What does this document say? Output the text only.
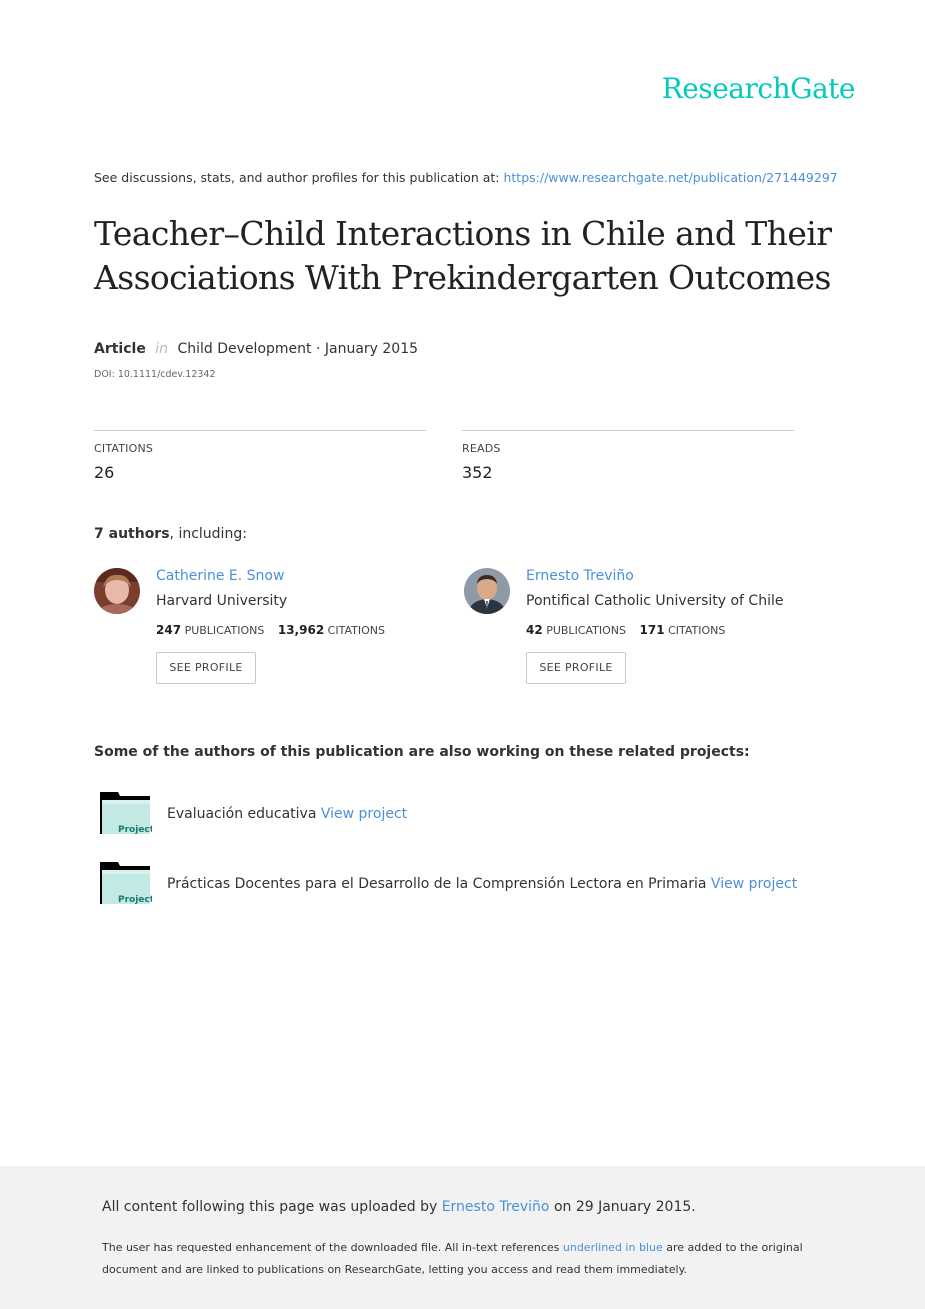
ResearchGate
See discussions, stats, and author profiles for this publication at: https://www.researchgate.net/publication/271449297
Teacher–Child Interactions in Chile and Their
Associations With Prekindergarten Outcomes
Article in Child Development · January 2015
DOI: 10.1111/cdev.12342
CITATIONS
26
READS
352
7 authors, including:
Catherine E. Snow
Harvard University
247 PUBLICATIONS 13,962 CITATIONS
SEE PROFILE
Ernesto Treviño
Pontifical Catholic University of Chile
42 PUBLICATIONS 171 CITATIONS
SEE PROFILE
Some of the authors of this publication are also working on these related projects:
Project
Evaluación educativa View project
Project
Prácticas Docentes para el Desarrollo de la Comprensión Lectora en Primaria View project
All content following this page was uploaded by Ernesto Treviño on 29 January 2015.
The user has requested enhancement of the downloaded file. All in-text references underlined in blue are added to the original document and are linked to publications on ResearchGate, letting you access and read them immediately.
